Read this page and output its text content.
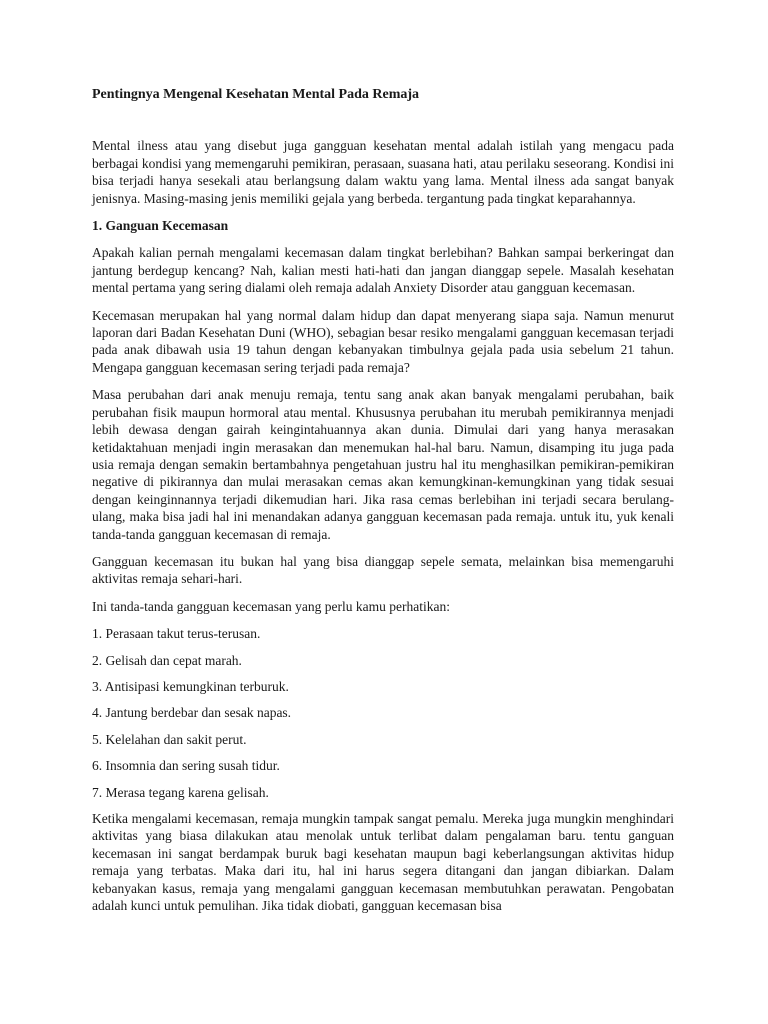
Pentingnya Mengenal Kesehatan Mental Pada Remaja

Mental ilness atau yang disebut juga gangguan kesehatan mental adalah istilah yang mengacu pada berbagai kondisi yang memengaruhi pemikiran, perasaan, suasana hati, atau perilaku seseorang. Kondisi ini bisa terjadi hanya sesekali atau berlangsung dalam waktu yang lama. Mental ilness ada sangat banyak jenisnya. Masing-masing jenis memiliki gejala yang berbeda. tergantung pada tingkat keparahannya.

1. Ganguan Kecemasan

Apakah kalian pernah mengalami kecemasan dalam tingkat berlebihan? Bahkan sampai berkeringat dan jantung berdegup kencang? Nah, kalian mesti hati-hati dan jangan dianggap sepele. Masalah kesehatan mental pertama yang sering dialami oleh remaja adalah Anxiety Disorder atau gangguan kecemasan.

Kecemasan merupakan hal yang normal dalam hidup dan dapat menyerang siapa saja. Namun menurut laporan dari Badan Kesehatan Duni (WHO), sebagian besar resiko mengalami gangguan kecemasan terjadi pada anak dibawah usia 19 tahun dengan kebanyakan timbulnya gejala pada usia sebelum 21 tahun. Mengapa gangguan kecemasan sering terjadi pada remaja?

Masa perubahan dari anak menuju remaja, tentu sang anak akan banyak mengalami perubahan, baik perubahan fisik maupun hormoral atau mental. Khususnya perubahan itu merubah pemikirannya menjadi lebih dewasa dengan gairah keingintahuannya akan dunia. Dimulai dari yang hanya merasakan ketidaktahuan menjadi ingin merasakan dan menemukan hal-hal baru. Namun, disamping itu juga pada usia remaja dengan semakin bertambahnya pengetahuan justru hal itu menghasilkan pemikiran-pemikiran negative di pikirannya dan mulai merasakan cemas akan kemungkinan-kemungkinan yang tidak sesuai dengan keinginnannya terjadi dikemudian hari. Jika rasa cemas berlebihan ini terjadi secara berulang-ulang, maka bisa jadi hal ini menandakan adanya gangguan kecemasan pada remaja. untuk itu, yuk kenali tanda-tanda gangguan kecemasan di remaja.

Gangguan kecemasan itu bukan hal yang bisa dianggap sepele semata, melainkan bisa memengaruhi aktivitas remaja sehari-hari.

Ini tanda-tanda gangguan kecemasan yang perlu kamu perhatikan:

1. Perasaan takut terus-terusan.
2. Gelisah dan cepat marah.
3. Antisipasi kemungkinan terburuk.
4. Jantung berdebar dan sesak napas.
5. Kelelahan dan sakit perut.
6. Insomnia dan sering susah tidur.
7. Merasa tegang karena gelisah.

Ketika mengalami kecemasan, remaja mungkin tampak sangat pemalu. Mereka juga mungkin menghindari aktivitas yang biasa dilakukan atau menolak untuk terlibat dalam pengalaman baru. tentu ganguan kecemasan ini sangat berdampak buruk bagi kesehatan maupun bagi keberlangsungan aktivitas hidup remaja yang terbatas. Maka dari itu, hal ini harus segera ditangani dan jangan dibiarkan. Dalam kebanyakan kasus, remaja yang mengalami gangguan kecemasan membutuhkan perawatan. Pengobatan adalah kunci untuk pemulihan. Jika tidak diobati, gangguan kecemasan bisa
